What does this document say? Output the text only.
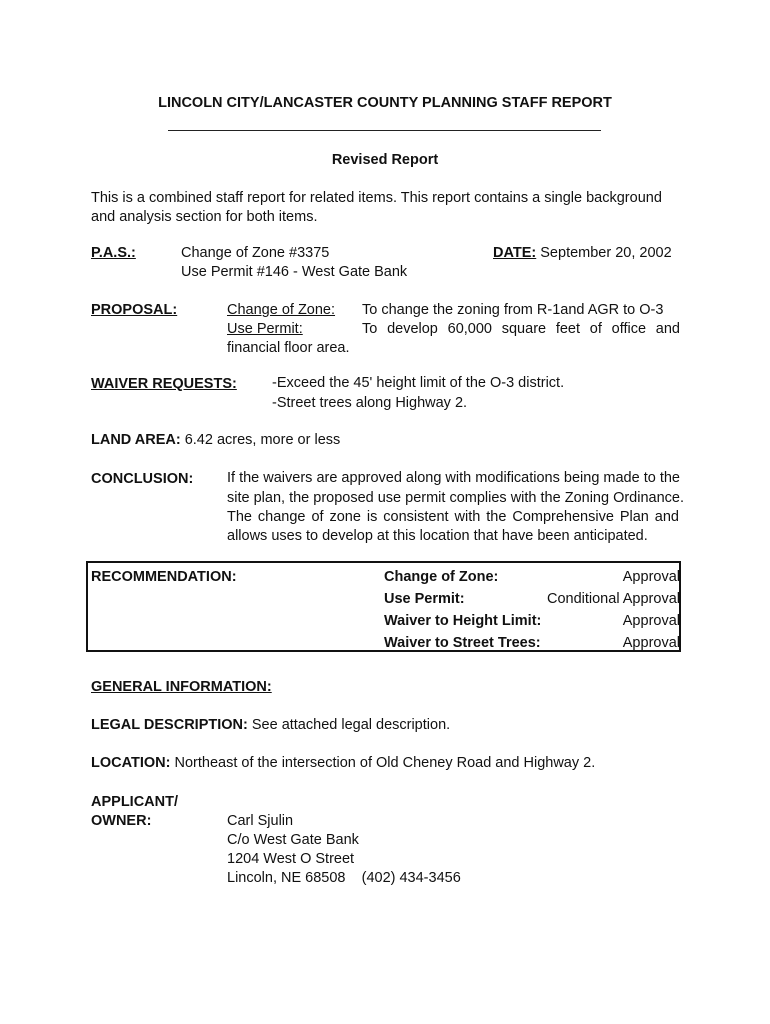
LINCOLN CITY/LANCASTER COUNTY PLANNING STAFF REPORT
Revised Report
This is a combined staff report for related items. This report contains a single background and analysis section for both items.
P.A.S.:	Change of Zone #3375
Use Permit #146 - West Gate Bank
DATE: September 20, 2002
PROPOSAL:	Change of Zone: To change the zoning from R-1and AGR to O-3
Use Permit:	To develop 60,000 square feet of office and
financial floor area.
WAIVER REQUESTS: -Exceed the 45' height limit of the O-3 district.
-Street trees along Highway 2.
LAND AREA: 6.42 acres, more or less
CONCLUSION: If the waivers are approved along with modifications being made to the
site plan, the proposed use permit complies with the Zoning Ordinance.
The change of zone is consistent with the Comprehensive Plan and
allows uses to develop at this location that have been anticipated.
RECOMMENDATION:	Change of Zone:	Approval
Use Permit:	Conditional Approval
Waiver to Height Limit:	Approval
Waiver to Street Trees:	Approval
GENERAL INFORMATION:
LEGAL DESCRIPTION: See attached legal description.
LOCATION: Northeast of the intersection of Old Cheney Road and Highway 2.
APPLICANT/
OWNER:	Carl Sjulin
C/o West Gate Bank
1204 West O Street
Lincoln, NE 68508    (402) 434-3456
